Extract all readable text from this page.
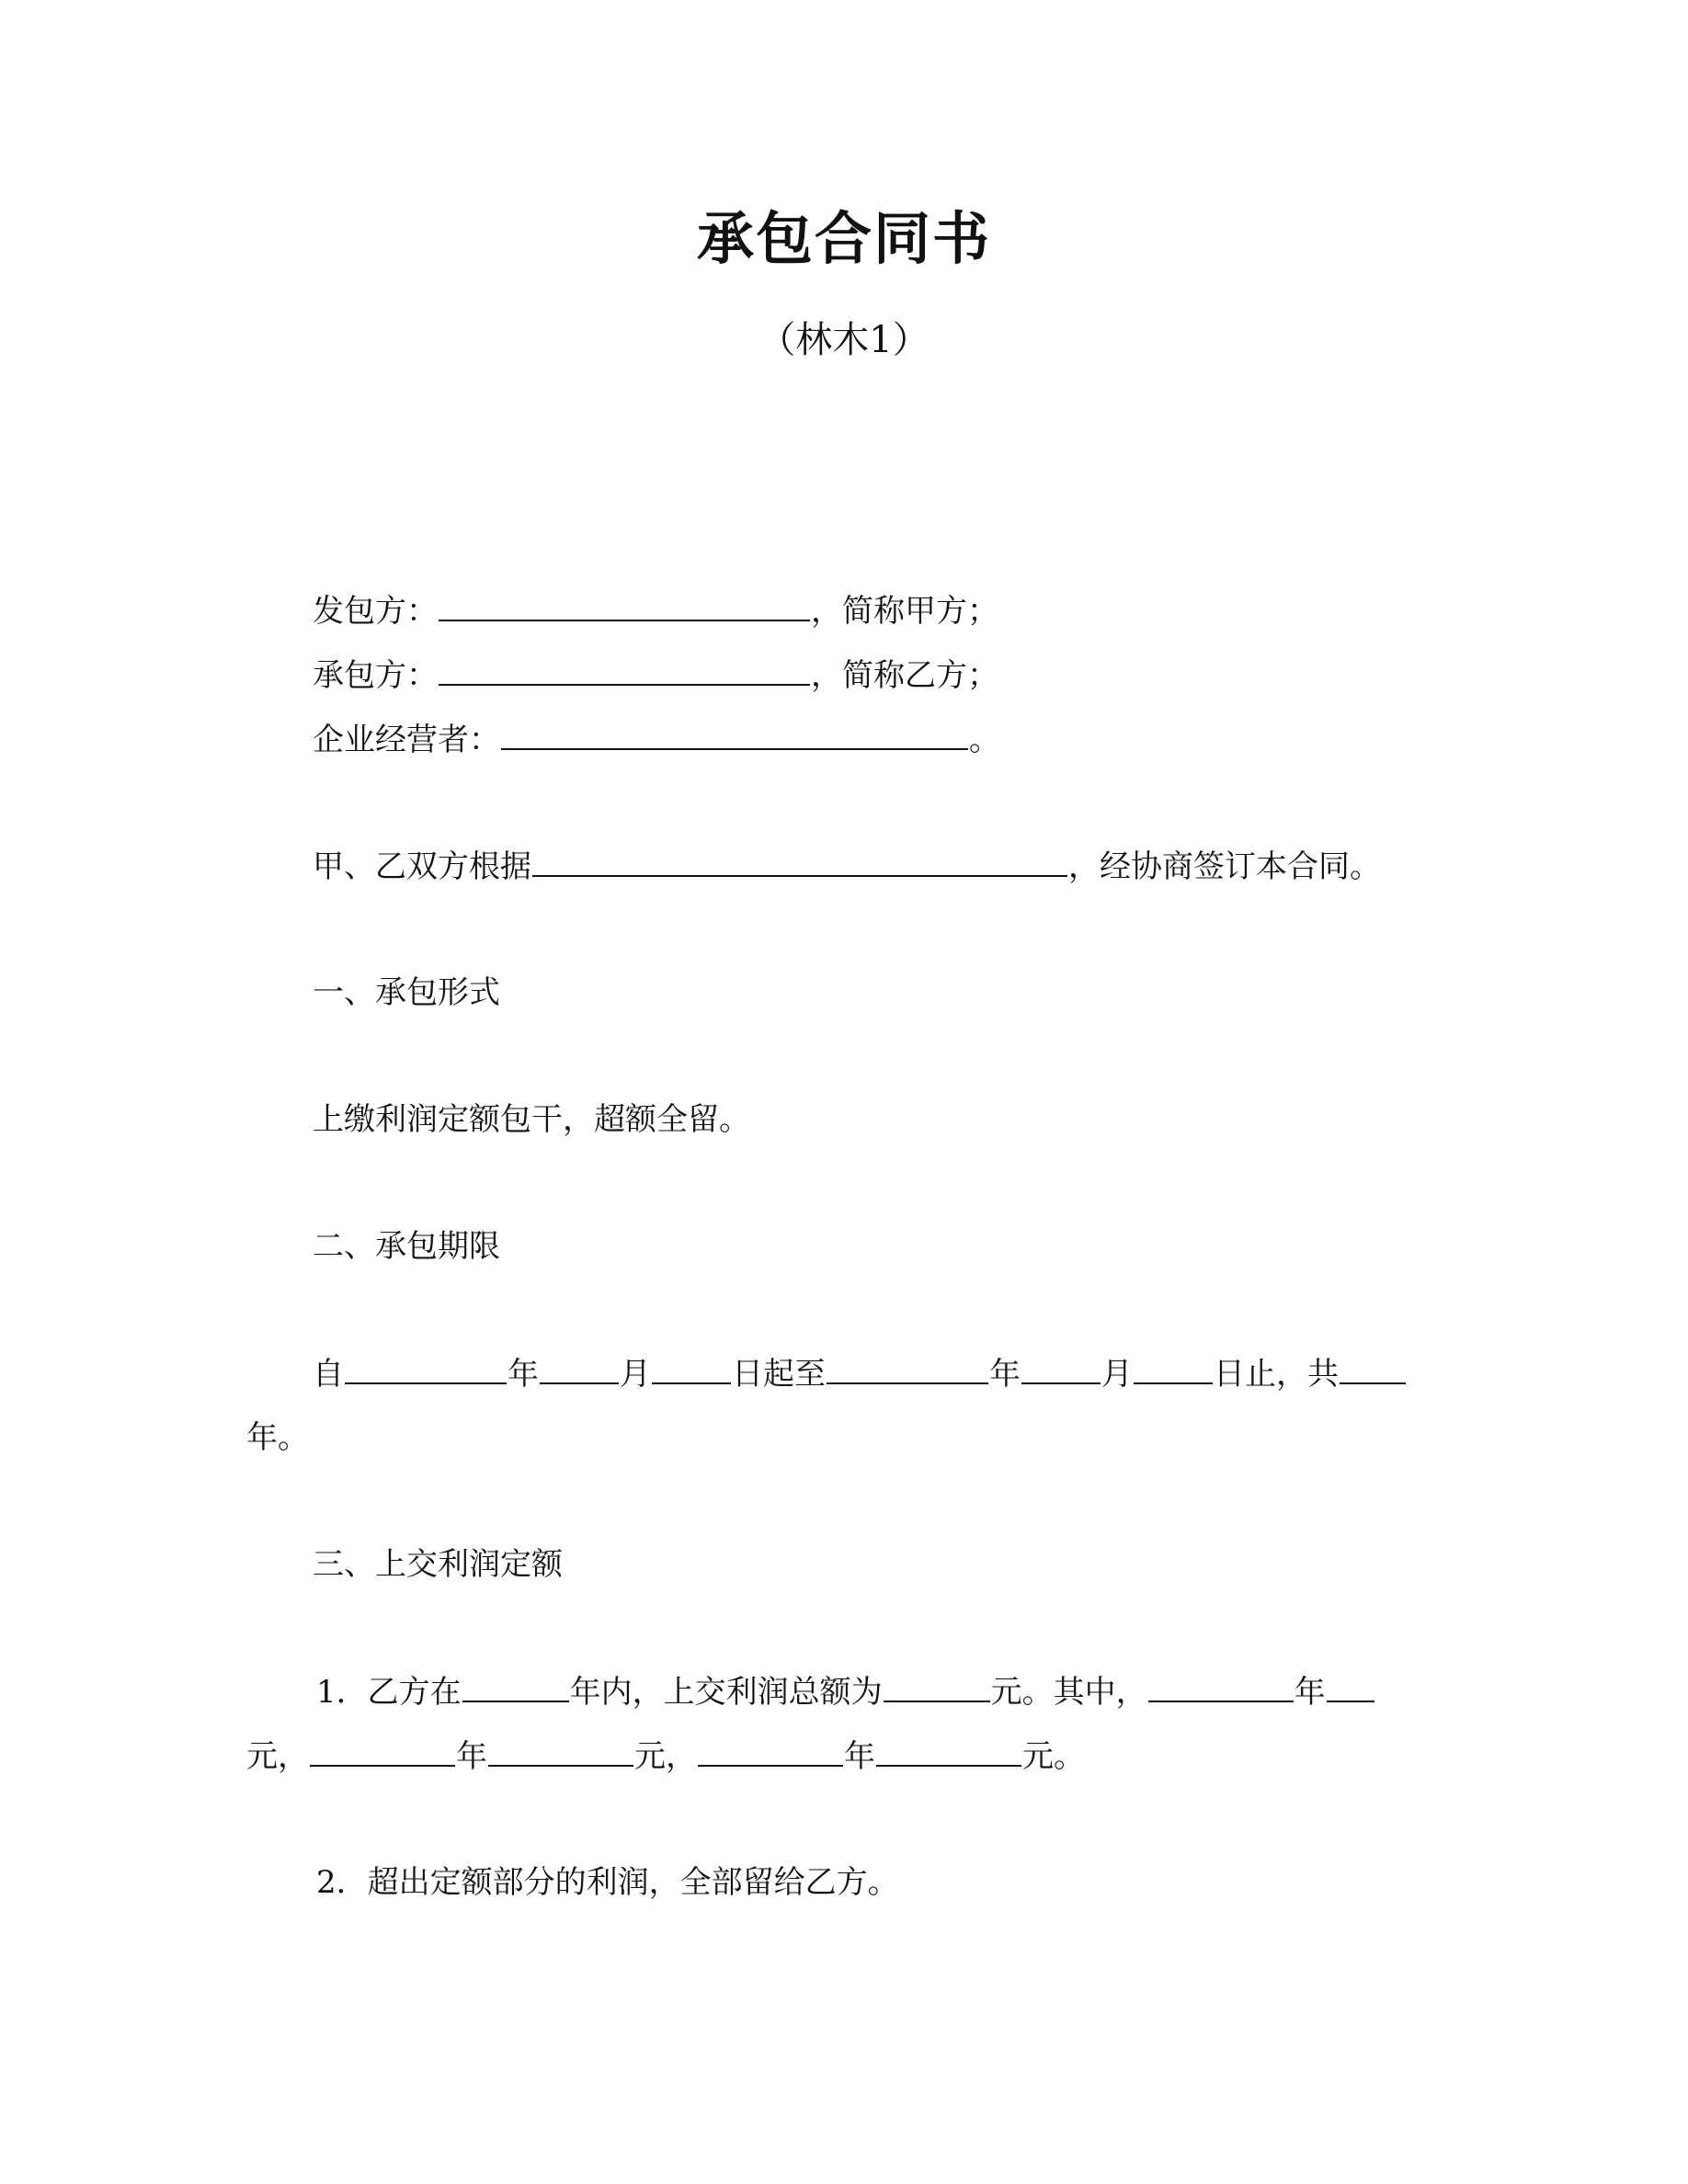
承包合同书
（林木1）
发包方：	，简称甲方；
承包方：	，简称乙方；
企业经营者：	。
甲、乙双方根据	，经协商签订本合同。
一、承包形式
上缴利润定额包干，超额全留。
二、承包期限
自	年	月	日起至	年	月	日止，共
年。
三、上交利润定额
1．乙方在	年内，上交利润总额为	元。其中，	年
元，	年	元，	年	元。
2．超出定额部分的利润，全部留给乙方。
